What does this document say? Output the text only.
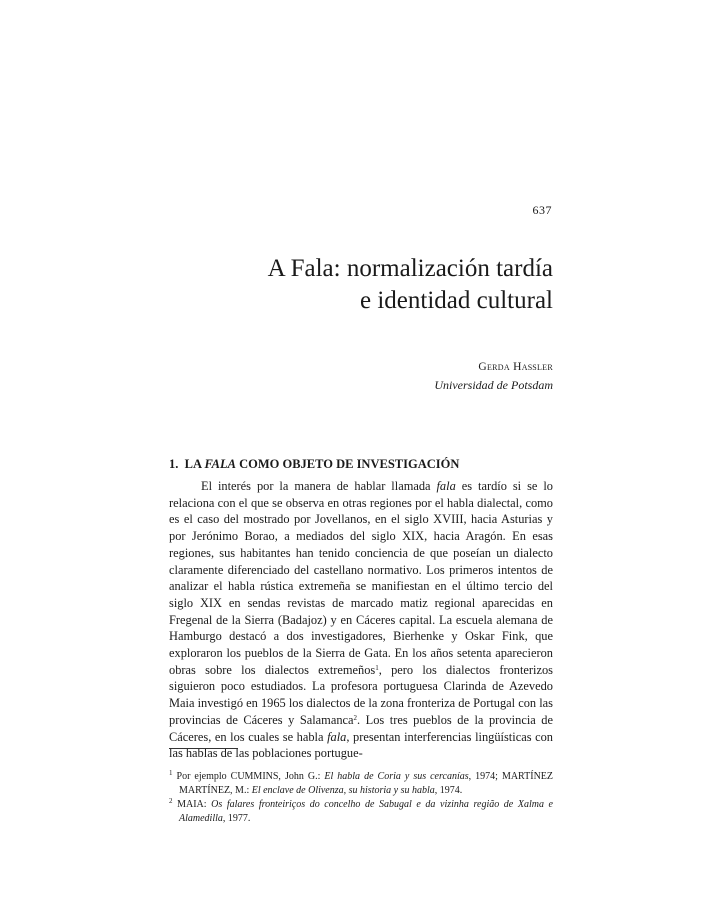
637
A Fala: normalización tardía
e identidad cultural
Gerda Haßler
Universidad de Potsdam
1. LA FALA COMO OBJETO DE INVESTIGACIÓN

El interés por la manera de hablar llamada fala es tardío si se lo relaciona con el que se observa en otras regiones por el habla dialectal, como es el caso del mostrado por Jovellanos, en el siglo XVIII, hacia Asturias y por Jerónimo Borao, a mediados del siglo XIX, hacia Aragón. En esas regiones, sus habitantes han tenido conciencia de que poseían un dialecto claramente diferenciado del castellano normativo. Los primeros intentos de analizar el habla rústica extremeña se manifiestan en el último tercio del siglo XIX en sendas revistas de marcado matiz regional aparecidas en Fregenal de la Sierra (Badajoz) y en Cáceres capital. La escuela alemana de Hamburgo destacó a dos investigadores, Bierhenke y Oskar Fink, que exploraron los pueblos de la Sierra de Gata. En los años setenta aparecieron obras sobre los dialectos extremeños$^1$, pero los dialectos fronterizos siguieron poco estudiados. La profesora portuguesa Clarinda de Azevedo Maia investigó en 1965 los dialectos de la zona fronteriza de Portugal con las provincias de Cáceres y Salamanca$^2$. Los tres pueblos de la provincia de Cáceres, en los cuales se habla fala, presentan interferencias lingüísticas con las hablas de las poblaciones portugue-

$^1$ Por ejemplo CUMMINS, John G.: El habla de Coria y sus cercanías, 1974; MARTÍNEZ MARTÍNEZ, M.: El enclave de Olivenza, su historia y su habla, 1974.

$^2$ MAIA: Os falares fronteiriços do concelho de Sabugal e da vizinha região de Xalma e Alamedilla, 1977.
